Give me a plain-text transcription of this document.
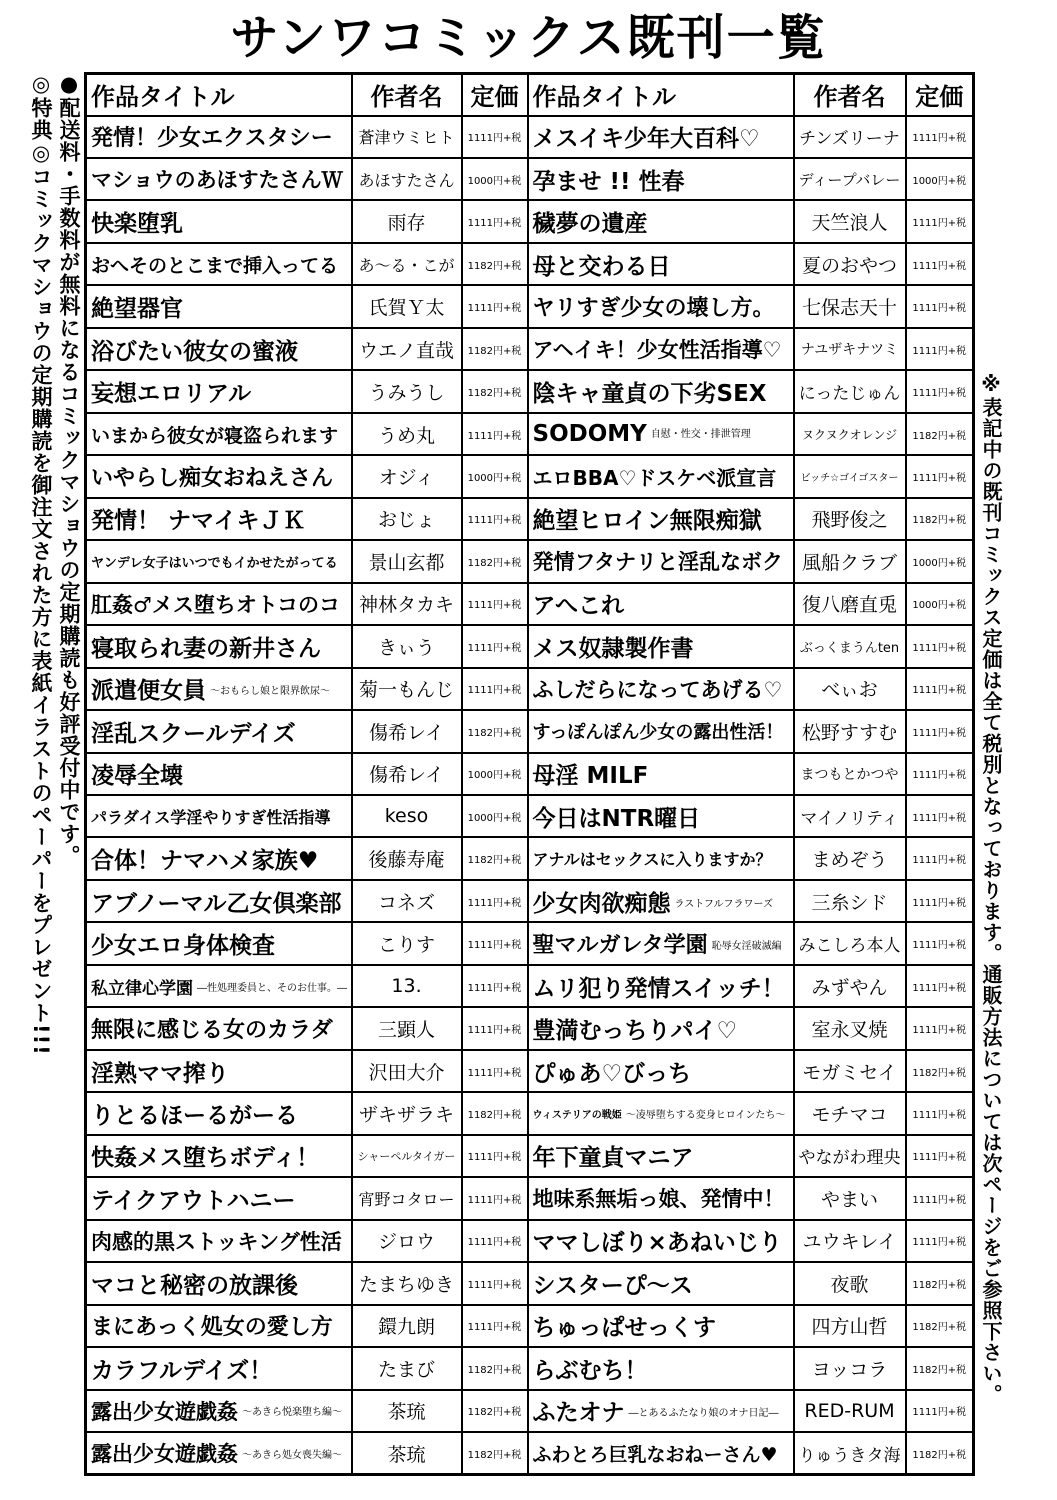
サンワコミックス既刊一覧
●配送料・手数料が無料になるコミックマショウの定期購読も好評受付中です。
◎特典◎コミックマショウの定期購読を御注文された方に表紙イラストのペーパーをプレゼント!!!	※表記中の既刊コミックス定価は全て税別となっております。通販方法については次ページをご参照下さい。
作品タイトル	作者名	定価	作品タイトル	作者名	定価
発情！少女エクスタシー	蒼津ウミヒト	1111円+税	メスイキ少年大百科♡	チンズリーナ	1111円+税
マショウのあほすたさんＷ	あほすたさん	1000円+税	孕ませ !! 性春	ディープバレー	1000円+税
快楽堕乳	雨存	1111円+税	穢夢の遺産	天竺浪人	1111円+税
おへそのとこまで挿入ってる	あ～る・こが	1182円+税	母と交わる日	夏のおやつ	1111円+税
絶望器官	氏賀Ｙ太	1111円+税	ヤリすぎ少女の壊し方。	七保志天十	1111円+税
浴びたい彼女の蜜液	ウエノ直哉	1182円+税	アヘイキ！少女性活指導♡	ナユザキナツミ	1111円+税
妄想エロリアル	うみうし	1182円+税	陰キャ童貞の下劣SEX	にったじゅん	1111円+税
いまから彼女が寝盗られます	うめ丸	1111円+税	SODOMY 自慰・性交・排泄管理	ヌクヌクオレンジ	1182円+税
いやらし痴女おねえさん	オジィ	1000円+税	エロBBA♡ドスケベ派宣言	ビッチ☆ゴイゴスター	1111円+税
発情！ ナマイキＪＫ	おじょ	1111円+税	絶望ヒロイン無限痴獄	飛野俊之	1182円+税
ヤンデレ女子はいつでもイかせたがってる	景山玄都	1182円+税	発情フタナリと淫乱なボク	風船クラブ	1000円+税
肛姦♂メス堕ちオトコのコ	神林タカキ	1111円+税	アへこれ	復八磨直兎	1000円+税
寝取られ妻の新井さん	きぃう	1111円+税	メス奴隷製作書	ぶっくまうんten	1111円+税
派遣便女員 ～おもらし娘と限界飲尿～	菊一もんじ	1111円+税	ふしだらになってあげる♡	べぃお	1111円+税
淫乱スクールデイズ	傷希レイ	1182円+税	すっぽんぽん少女の露出性活！	松野すすむ	1111円+税
凌辱全壊	傷希レイ	1000円+税	母淫 MILF	まつもとかつや	1111円+税
パラダイス学淫やりすぎ性活指導	keso	1000円+税	今日はNTR曜日	マイノリティ	1111円+税
合体！ナマハメ家族♥	後藤寿庵	1182円+税	アナルはセックスに入りますか？	まめぞう	1111円+税
アブノーマル乙女倶楽部	コネズ	1111円+税	少女肉欲痴態 ラストフルフラワーズ	三糸シド	1111円+税
少女エロ身体検査	こりす	1111円+税	聖マルガレタ学園 恥辱女淫破滅編	みこしろ本人	1111円+税
私立律心学園 ―性処理委員と、そのお仕事。―	13.	1111円+税	ムリ犯り発情スイッチ！	みずやん	1111円+税
無限に感じる女のカラダ	三顕人	1111円+税	豊満むっちりパイ♡	室永叉焼	1111円+税
淫熟ママ搾り	沢田大介	1111円+税	ぴゅあ♡びっち	モガミセイ	1182円+税
りとるほーるがーる	ザキザラキ	1182円+税	ウィステリアの戦姫 ～凌辱堕ちする変身ヒロインたち～	モチマコ	1111円+税
快姦メス堕ちボディ！	シャーペルタイガー	1111円+税	年下童貞マニア	やながわ理央	1111円+税
テイクアウトハニー	宵野コタロー	1111円+税	地味系無垢っ娘、発情中！	やまい	1111円+税
肉感的黒ストッキング性活	ジロウ	1111円+税	ママしぼり×あねいじり	ユウキレイ	1111円+税
マコと秘密の放課後	たまちゆき	1111円+税	シスターぴ～ス	夜歌	1182円+税
まにあっく処女の愛し方	鐶九朗	1111円+税	ちゅっぱせっくす	四方山哲	1182円+税
カラフルデイズ！	たまび	1182円+税	らぶむち！	ヨッコラ	1182円+税
露出少女遊戯姦 ～あきら悦楽堕ち編～	茶琉	1182円+税	ふたオナ ―とあるふたなり娘のオナ日記―	RED-RUM	1111円+税
露出少女遊戯姦 ～あきら処女喪失編～	茶琉	1182円+税	ふわとろ巨乳なおねーさん♥	りゅうきタ海	1182円+税
